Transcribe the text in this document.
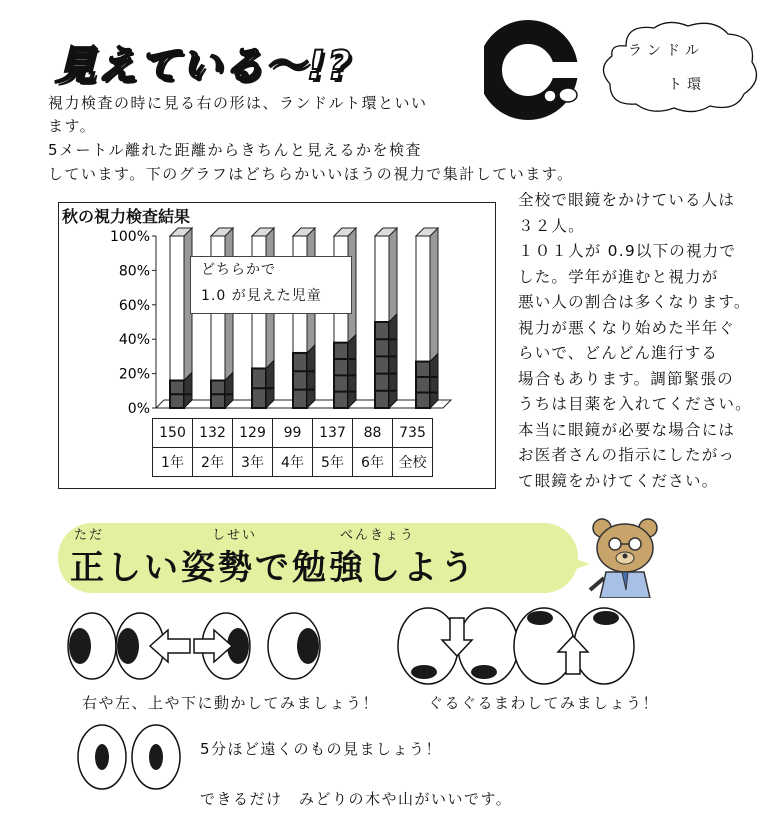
見えている〜!?	ランドル
ト環
視力検査の時に見る右の形は、ランドルト環といい
ます。
5メートル離れた距離からきちんと見えるかを検査
しています。下のグラフはどちらかいいほうの視力で集計しています。
秋の視力検査結果
0%
20%
40%
60%
80%
100%
どちらかで
1.0 が見えた児童
150	132	129	99	137	88	735
1年	2年	3年	4年	5年	6年	全校
全校で眼鏡をかけている人は
３２人。
１０１人が 0.9以下の視力で
した。学年が進むと視力が
悪い人の割合は多くなります。
視力が悪くなり始めた半年ぐ
らいで、どんどん進行する
場合もあります。調節緊張の
うちは目薬を入れてください。
本当に眼鏡が必要な場合には
お医者さんの指示にしたがっ
て眼鏡をかけてください。
ただ	しせい	べんきょう
正しい姿勢で勉強しよう
右や左、上や下に動かしてみましょう！	ぐるぐるまわしてみましょう！
5分ほど遠くのもの見ましょう！
できるだけ　みどりの木や山がいいです。
